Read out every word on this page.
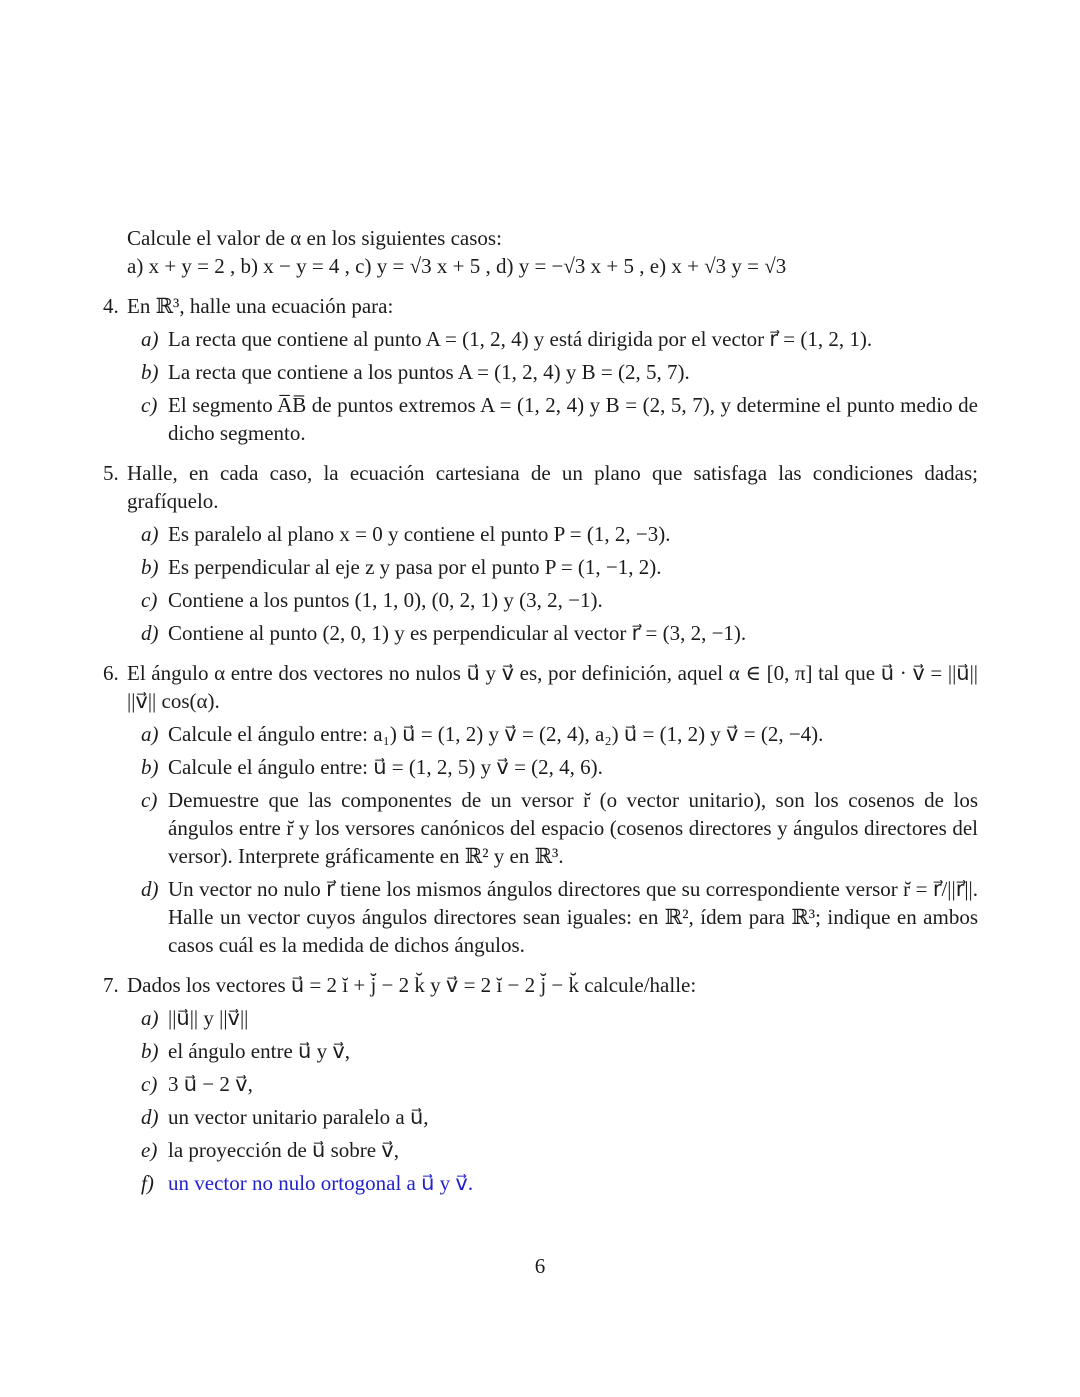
Calcule el valor de α en los siguientes casos:

a) x + y = 2 , b) x − y = 4 , c) y = √3 x + 5 , d) y = −√3 x + 5 , e) x + √3 y = √3

4. En ℝ³, halle una ecuación para:
a) La recta que contiene al punto A = (1, 2, 4) y está dirigida por el vector r⃗ = (1, 2, 1).
b) La recta que contiene a los puntos A = (1, 2, 4) y B = (2, 5, 7).
c) El segmento A̅B̅ de puntos extremos A = (1, 2, 4) y B = (2, 5, 7), y determine el punto medio de dicho segmento.
5. Halle, en cada caso, la ecuación cartesiana de un plano que satisfaga las condiciones dadas; grafíquelo.
a) Es paralelo al plano x = 0 y contiene el punto P = (1, 2, −3).
b) Es perpendicular al eje z y pasa por el punto P = (1, −1, 2).
c) Contiene a los puntos (1, 1, 0), (0, 2, 1) y (3, 2, −1).
d) Contiene al punto (2, 0, 1) y es perpendicular al vector r⃗ = (3, 2, −1).
6. El ángulo α entre dos vectores no nulos u⃗ y v⃗ es, por definición, aquel α ∈ [0, π] tal que u⃗ · v⃗ = ||u⃗|| ||v⃗|| cos(α).
a) Calcule el ángulo entre: a₁) u⃗ = (1, 2) y v⃗ = (2, 4), a₂) u⃗ = (1, 2) y v⃗ = (2, −4).
b) Calcule el ángulo entre: u⃗ = (1, 2, 5) y v⃗ = (2, 4, 6).
c) Demuestre que las componentes de un versor r̆ (o vector unitario), son los cosenos de los ángulos entre r̆ y los versores canónicos del espacio (cosenos directores y ángulos directores del versor). Interprete gráficamente en ℝ² y en ℝ³.
d) Un vector no nulo r⃗ tiene los mismos ángulos directores que su correspondiente versor r̆ = r⃗/||r⃗||. Halle un vector cuyos ángulos directores sean iguales: en ℝ², ídem para ℝ³; indique en ambos casos cuál es la medida de dichos ángulos.
7. Dados los vectores u⃗ = 2 ĭ + j̆ − 2 k̆ y v⃗ = 2 ĭ − 2 j̆ − k̆ calcule/halle:
a) ||u⃗|| y ||v⃗||
b) el ángulo entre u⃗ y v⃗,
c) 3 u⃗ − 2 v⃗,
d) un vector unitario paralelo a u⃗,
e) la proyección de u⃗ sobre v⃗,
f) un vector no nulo ortogonal a u⃗ y v⃗.
6
